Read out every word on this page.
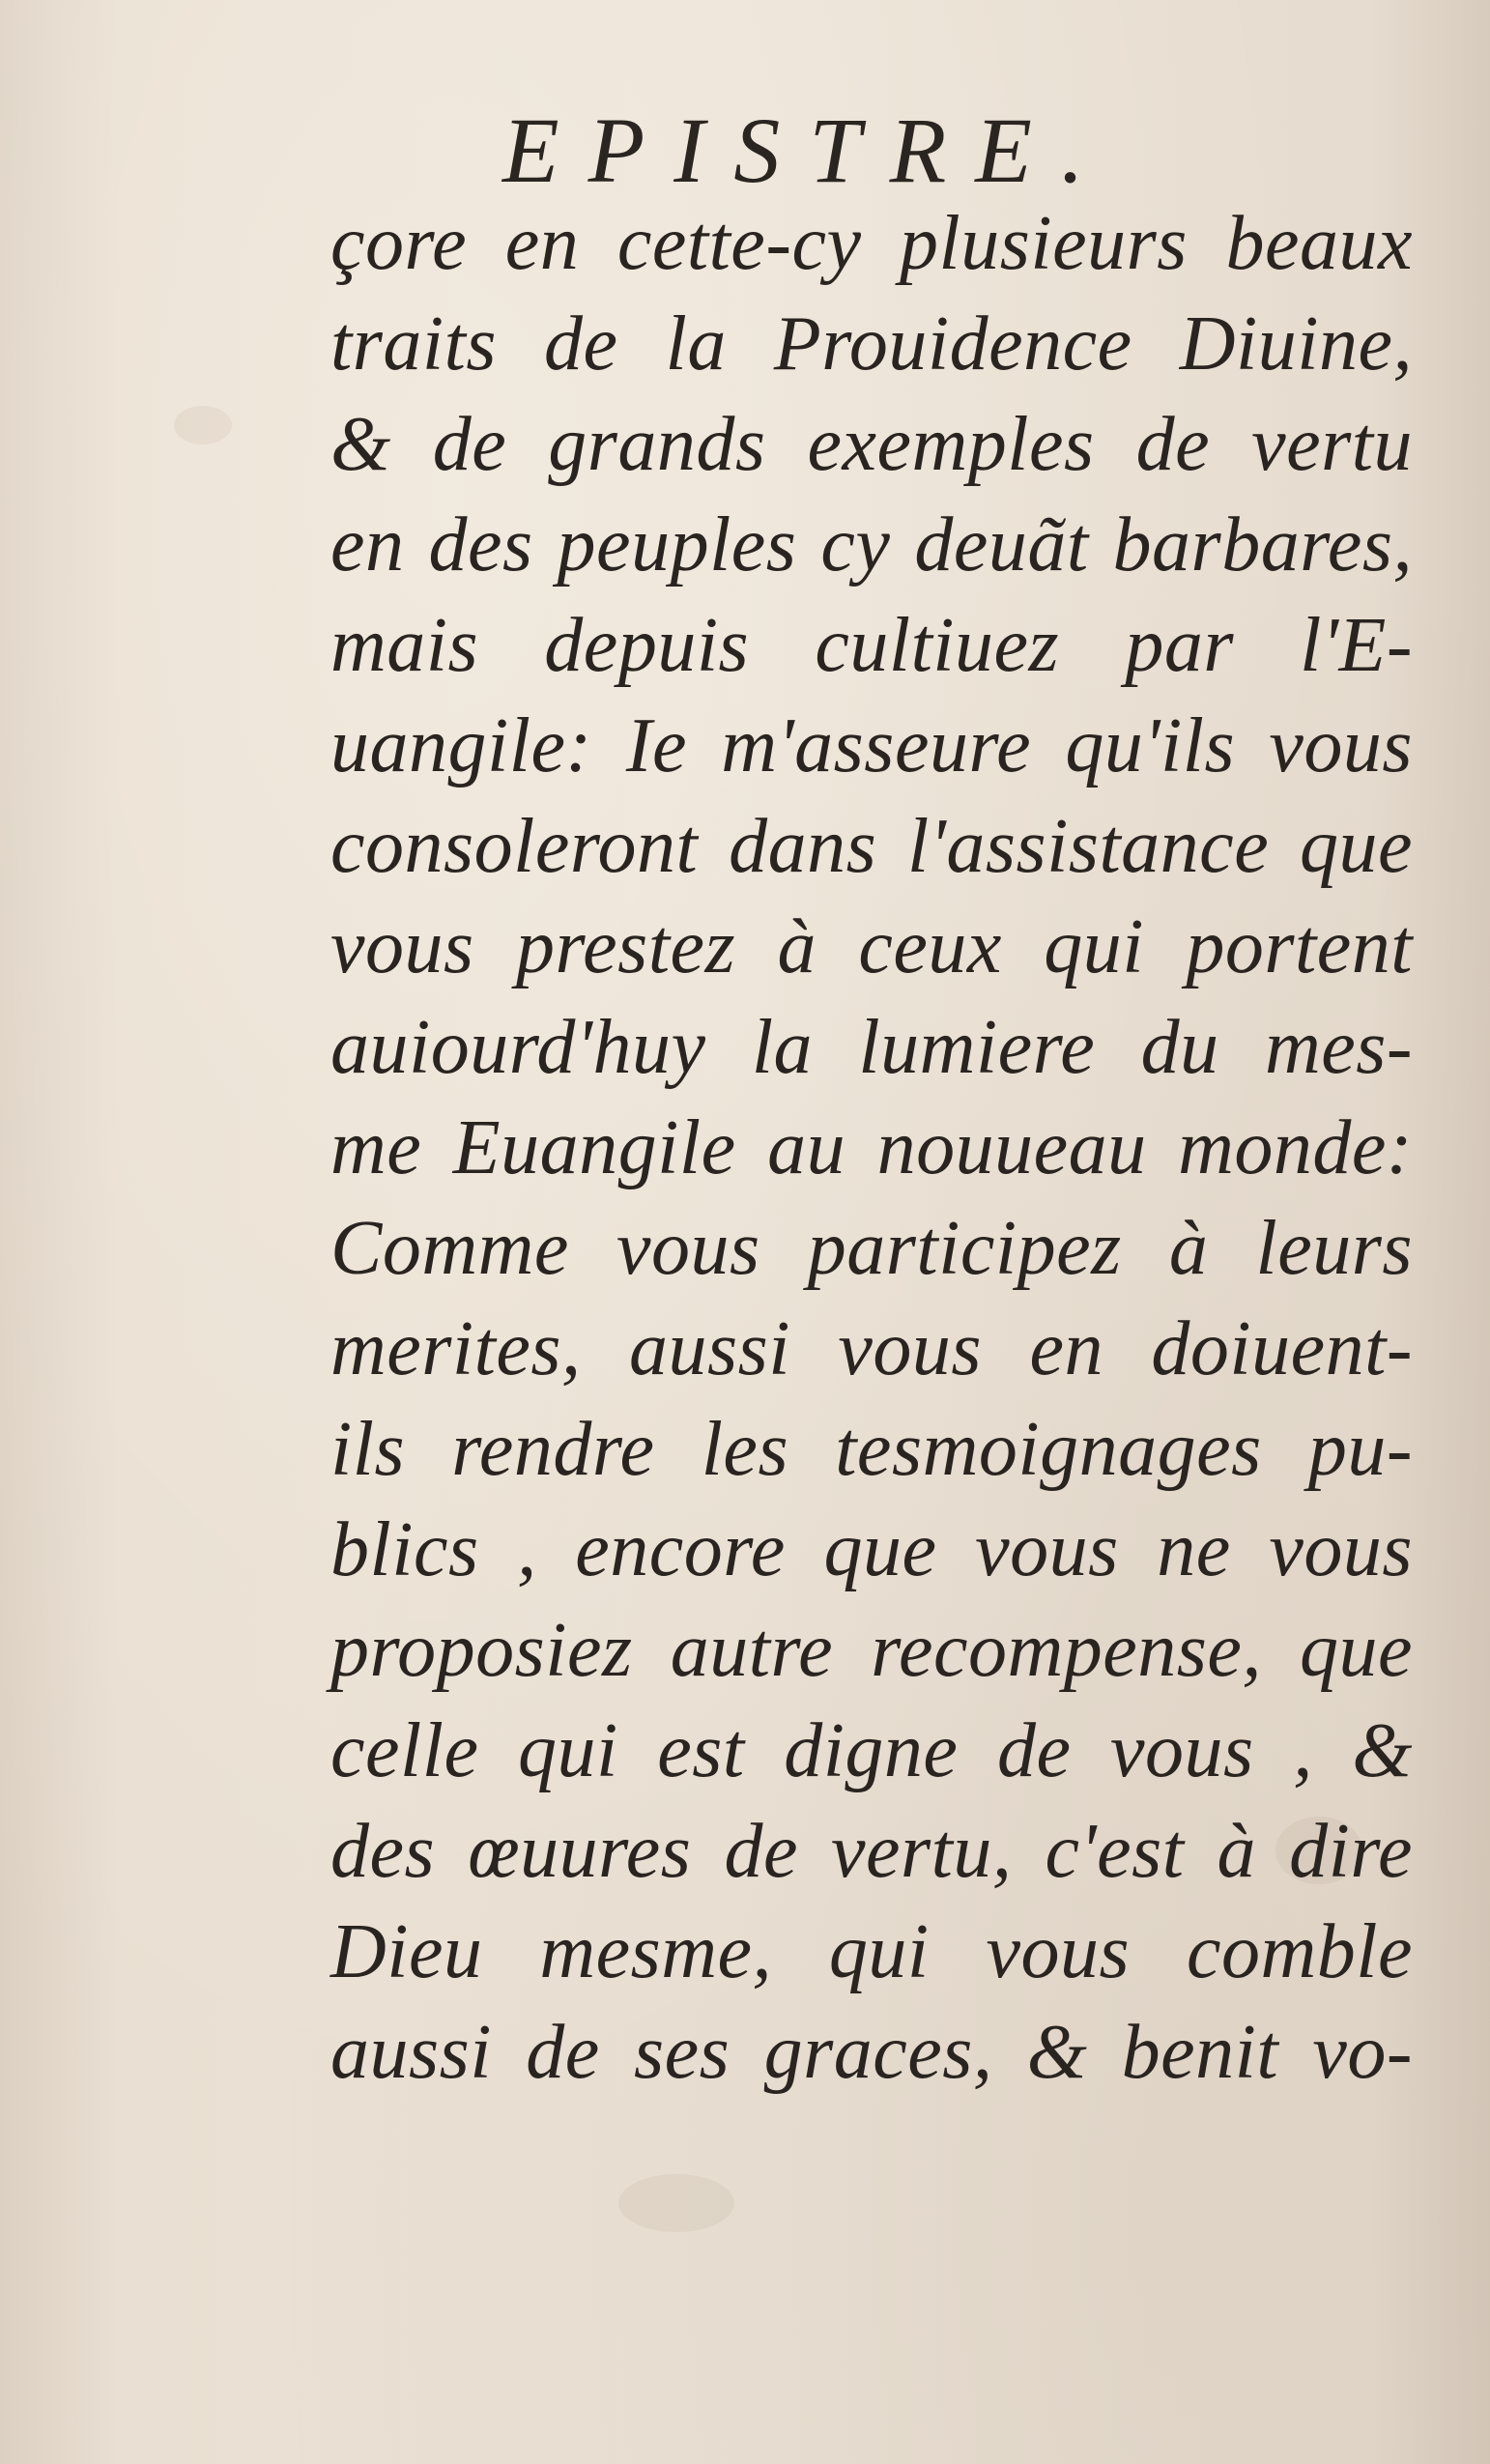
EPISTRE.
çore en cette-cy plusieurs beaux
traits de la Prouidence Diuine,
& de grands exemples de vertu
en des peuples cy deuãt barbares,
mais depuis cultiuez par l'E-
uangile: Ie m'asseure qu'ils vous
consoleront dans l'assistance que
vous prestez à ceux qui portent
auiourd'huy la lumiere du mes-
me Euangile au nouueau monde:
Comme vous participez à leurs
merites, aussi vous en doiuent-
ils rendre les tesmoignages pu-
blics , encore que vous ne vous
proposiez autre recompense, que
celle qui est digne de vous , &
des œuures de vertu, c'est à dire
Dieu mesme, qui vous comble
aussi de ses graces, & benit vo-
